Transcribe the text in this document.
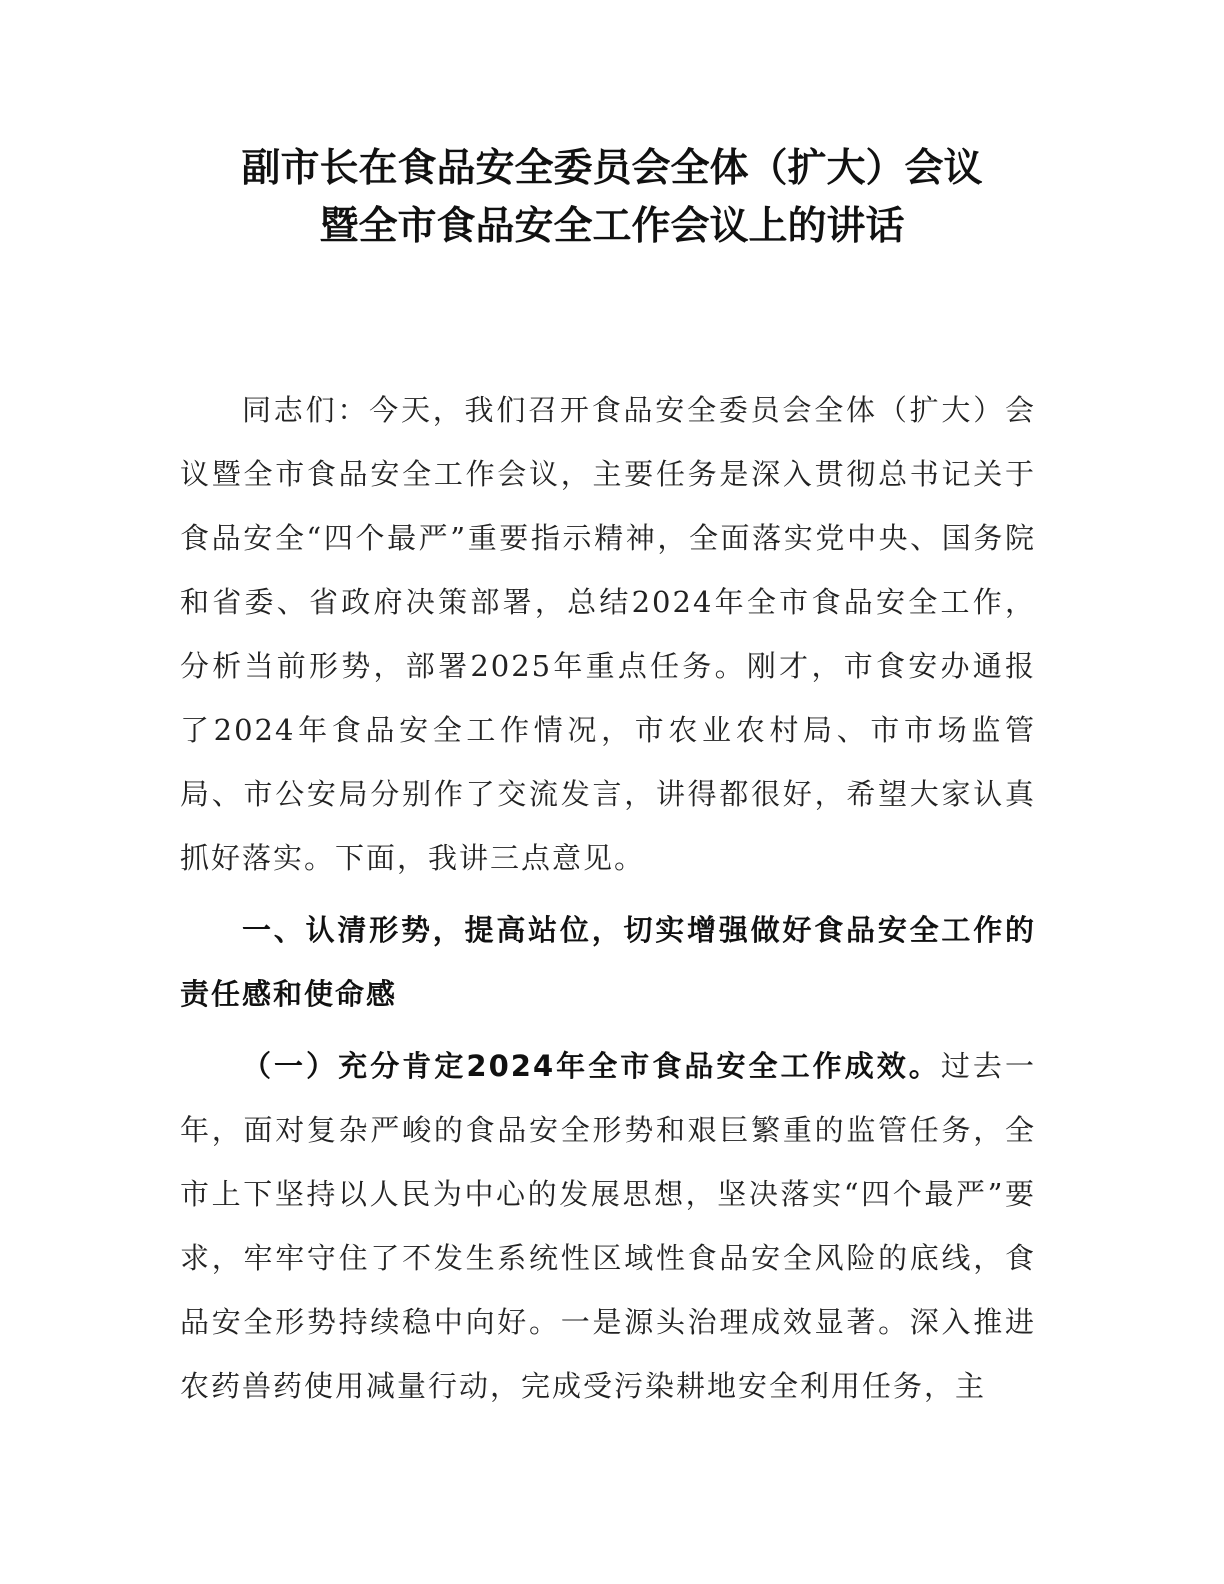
副市长在食品安全委员会全体（扩大）会议
暨全市食品安全工作会议上的讲话

同志们：今天，我们召开食品安全委员会全体（扩大）会议暨全市食品安全工作会议，主要任务是深入贯彻总书记关于食品安全“四个最严”重要指示精神，全面落实党中央、国务院和省委、省政府决策部署，总结2024年全市食品安全工作，分析当前形势，部署2025年重点任务。刚才，市食安办通报了2024年食品安全工作情况，市农业农村局、市市场监管局、市公安局分别作了交流发言，讲得都很好，希望大家认真抓好落实。下面，我讲三点意见。

一、认清形势，提高站位，切实增强做好食品安全工作的责任感和使命感

（一）充分肯定2024年全市食品安全工作成效。过去一年，面对复杂严峻的食品安全形势和艰巨繁重的监管任务，全市上下坚持以人民为中心的发展思想，坚决落实“四个最严”要求，牢牢守住了不发生系统性区域性食品安全风险的底线，食品安全形势持续稳中向好。一是源头治理成效显著。深入推进农药兽药使用减量行动，完成受污染耕地安全利用任务，主
